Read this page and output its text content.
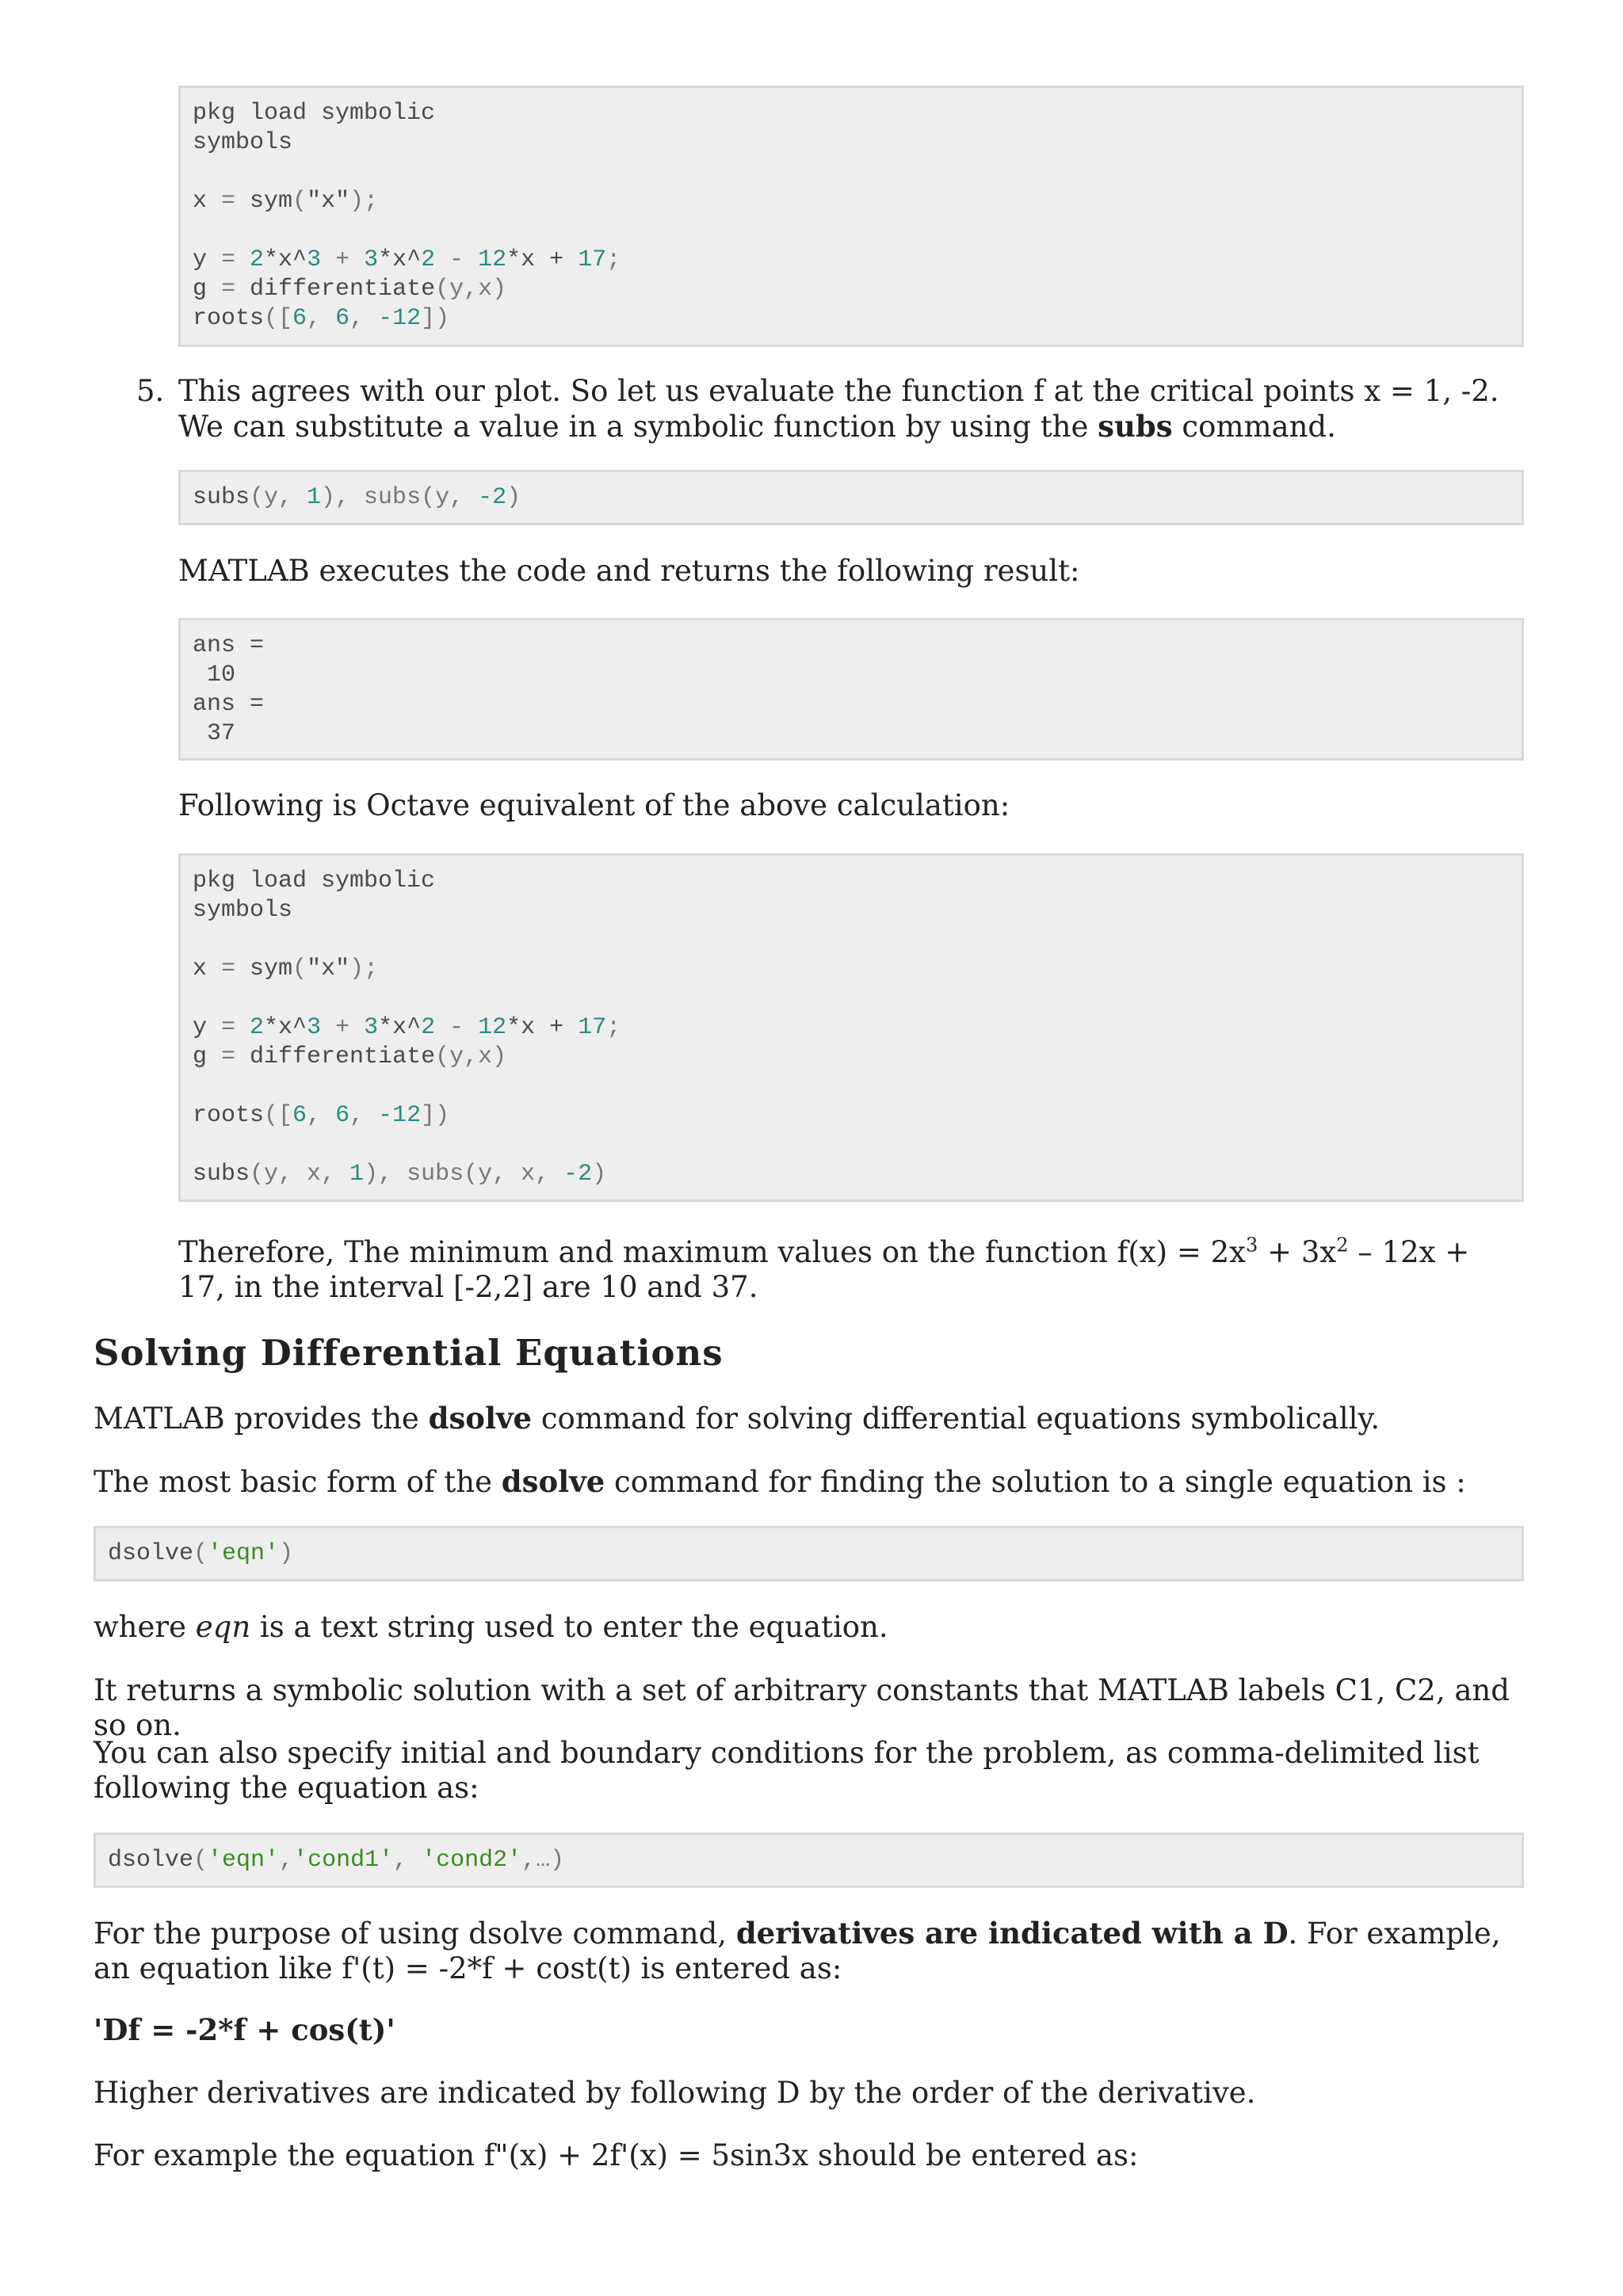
pkg load symbolic
symbols
x = sym("x");
y = 2*x^3 + 3*x^2 - 12*x + 17;
g = differentiate(y,x)
roots([6, 6, -12])
5. This agrees with our plot. So let us evaluate the function f at the critical points x = 1, -2. We can substitute a value in a symbolic function by using the subs command.

subs(y, 1), subs(y, -2)

MATLAB executes the code and returns the following result:

ans =
10
ans =
37

Following is Octave equivalent of the above calculation:

pkg load symbolic
symbols
x = sym("x");
y = 2*x^3 + 3*x^2 - 12*x + 17;
g = differentiate(y,x)
roots([6, 6, -12])
subs(y, x, 1), subs(y, x, -2)

Therefore, The minimum and maximum values on the function $f(x) = 2x^3 + 3x^2 - 12x + 17$, in the interval [-2,2] are 10 and 37.

Solving Differential Equations

MATLAB provides the dsolve command for solving differential equations symbolically.

The most basic form of the dsolve command for finding the solution to a single equation is :

dsolve('eqn')

where eqn is a text string used to enter the equation.

It returns a symbolic solution with a set of arbitrary constants that MATLAB labels C1, C2, and so on.

You can also specify initial and boundary conditions for the problem, as comma-delimited list following the equation as:

dsolve('eqn','cond1', 'cond2',…)

For the purpose of using dsolve command, derivatives are indicated with a D. For example, an equation like f'(t) = -2*f + cost(t) is entered as:

'Df = -2*f + cos(t)'

Higher derivatives are indicated by following D by the order of the derivative.

For example the equation f"(x) + 2f'(x) = 5sin3x should be entered as:
